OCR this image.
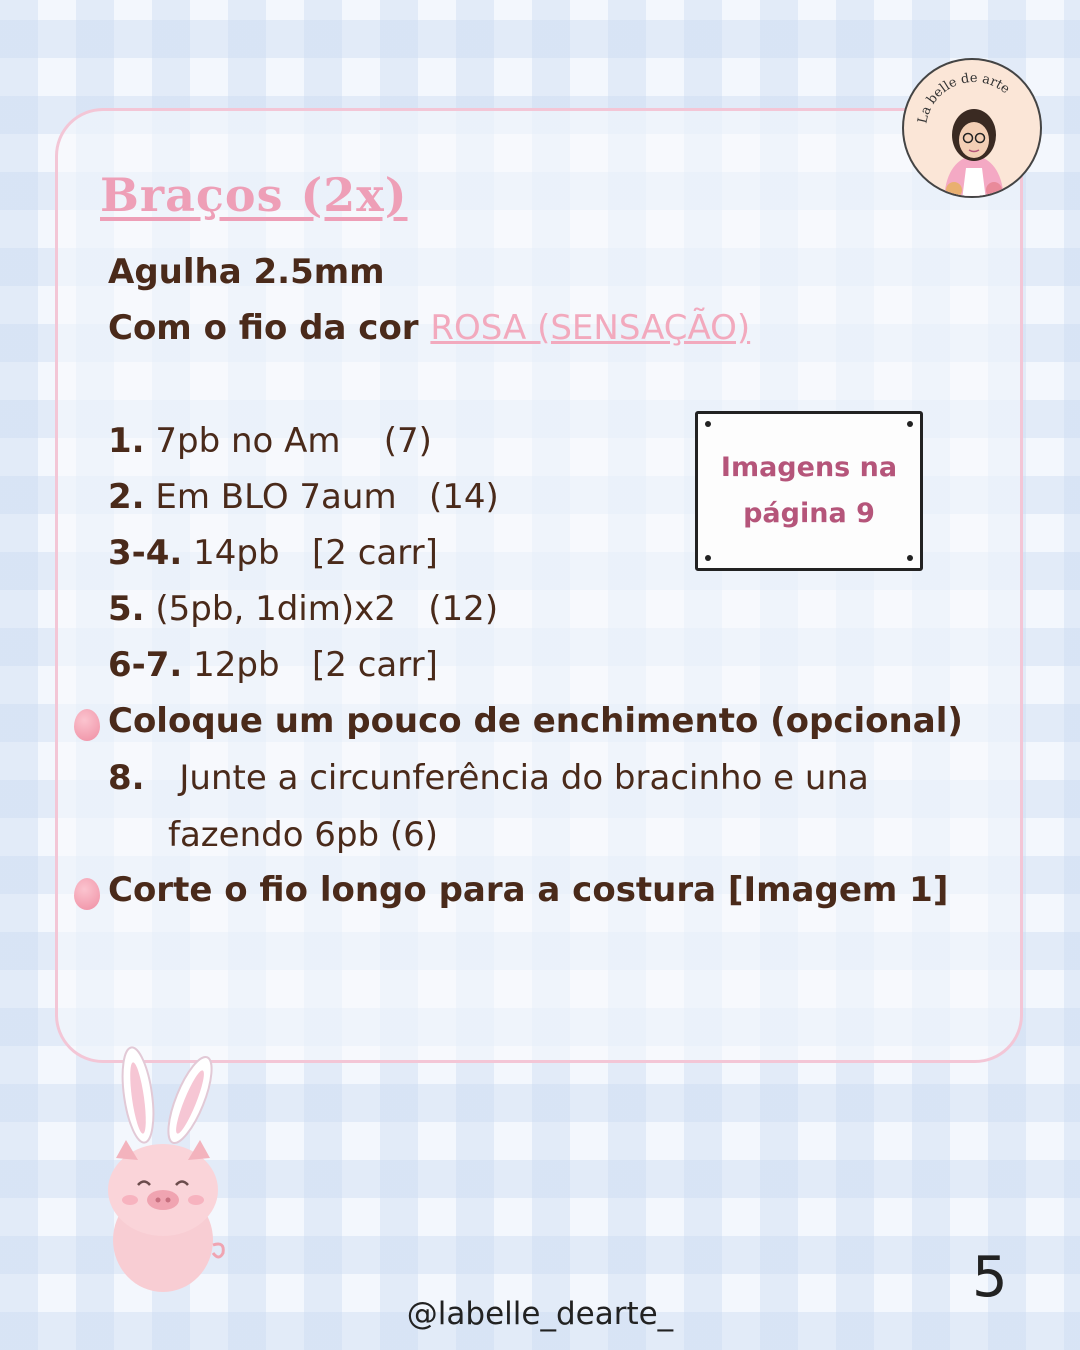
Braços (2x)
Agulha 2.5mm
Com o fio da cor ROSA (SENSAÇÃO)
1. 7pb no Am    (7)
2. Em BLO 7aum   (14)
3-4. 14pb   [2 carr]
5. (5pb, 1dim)x2   (12)
6-7. 12pb   [2 carr]
Coloque um pouco de enchimento (opcional)
8. Junte a circunferência do bracinho e una
fazendo 6pb (6)
Corte o fio longo para a costura [Imagem 1]
Imagens na
página 9
La belle de arte
@labelle_dearte_
5
